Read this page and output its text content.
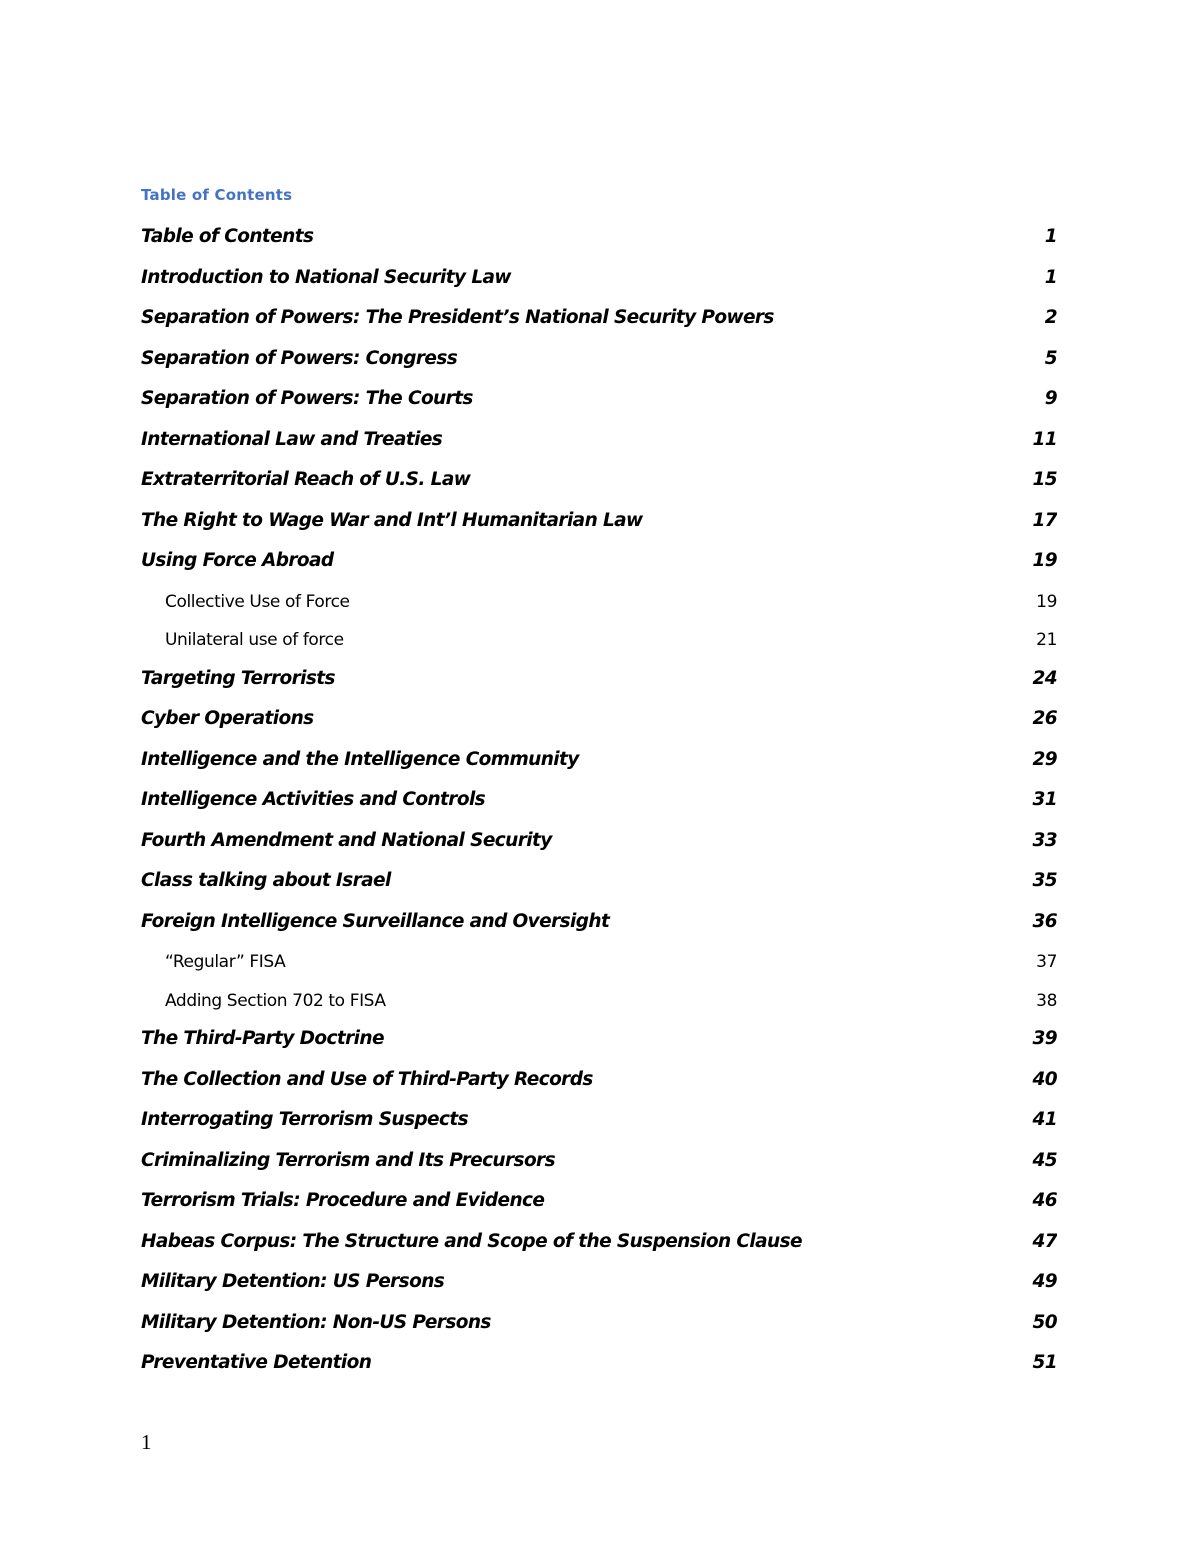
Table of Contents
Table of Contents	1
Introduction to National Security Law	1
Separation of Powers: The President’s National Security Powers	2
Separation of Powers: Congress	5
Separation of Powers: The Courts	9
International Law and Treaties	11
Extraterritorial Reach of U.S. Law	15
The Right to Wage War and Int’l Humanitarian Law	17
Using Force Abroad	19
Collective Use of Force	19
Unilateral use of force	21
Targeting Terrorists	24
Cyber Operations	26
Intelligence and the Intelligence Community	29
Intelligence Activities and Controls	31
Fourth Amendment and National Security	33
Class talking about Israel	35
Foreign Intelligence Surveillance and Oversight	36
“Regular” FISA	37
Adding Section 702 to FISA	38
The Third-Party Doctrine	39
The Collection and Use of Third-Party Records	40
Interrogating Terrorism Suspects	41
Criminalizing Terrorism and Its Precursors	45
Terrorism Trials: Procedure and Evidence	46
Habeas Corpus: The Structure and Scope of the Suspension Clause	47
Military Detention: US Persons	49
Military Detention: Non-US Persons	50
Preventative Detention	51
1
